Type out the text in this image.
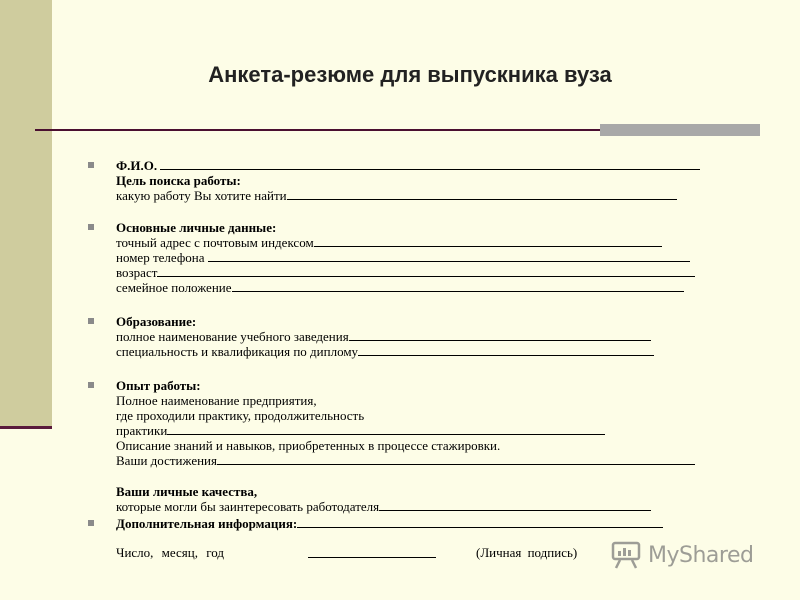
Анкета-резюме для выпускника вуза
Ф.И.О.
Цель поиска работы:
какую работу Вы хотите найти
Основные личные данные:
точный адрес с почтовым индексом
номер телефона
возраст
семейное положение
Образование:
полное наименование учебного заведения
специальность и квалификация по диплому
Опыт работы:
Полное наименование предприятия,
где проходили практику, продолжительность
практики
Описание знаний и навыков, приобретенных в процессе стажировки.
Ваши достижения
Ваши личные качества,
которые могли бы заинтересовать работодателя
Дополнительная информация:
Число, месяц, год	(Личная подпись)	MyShared
